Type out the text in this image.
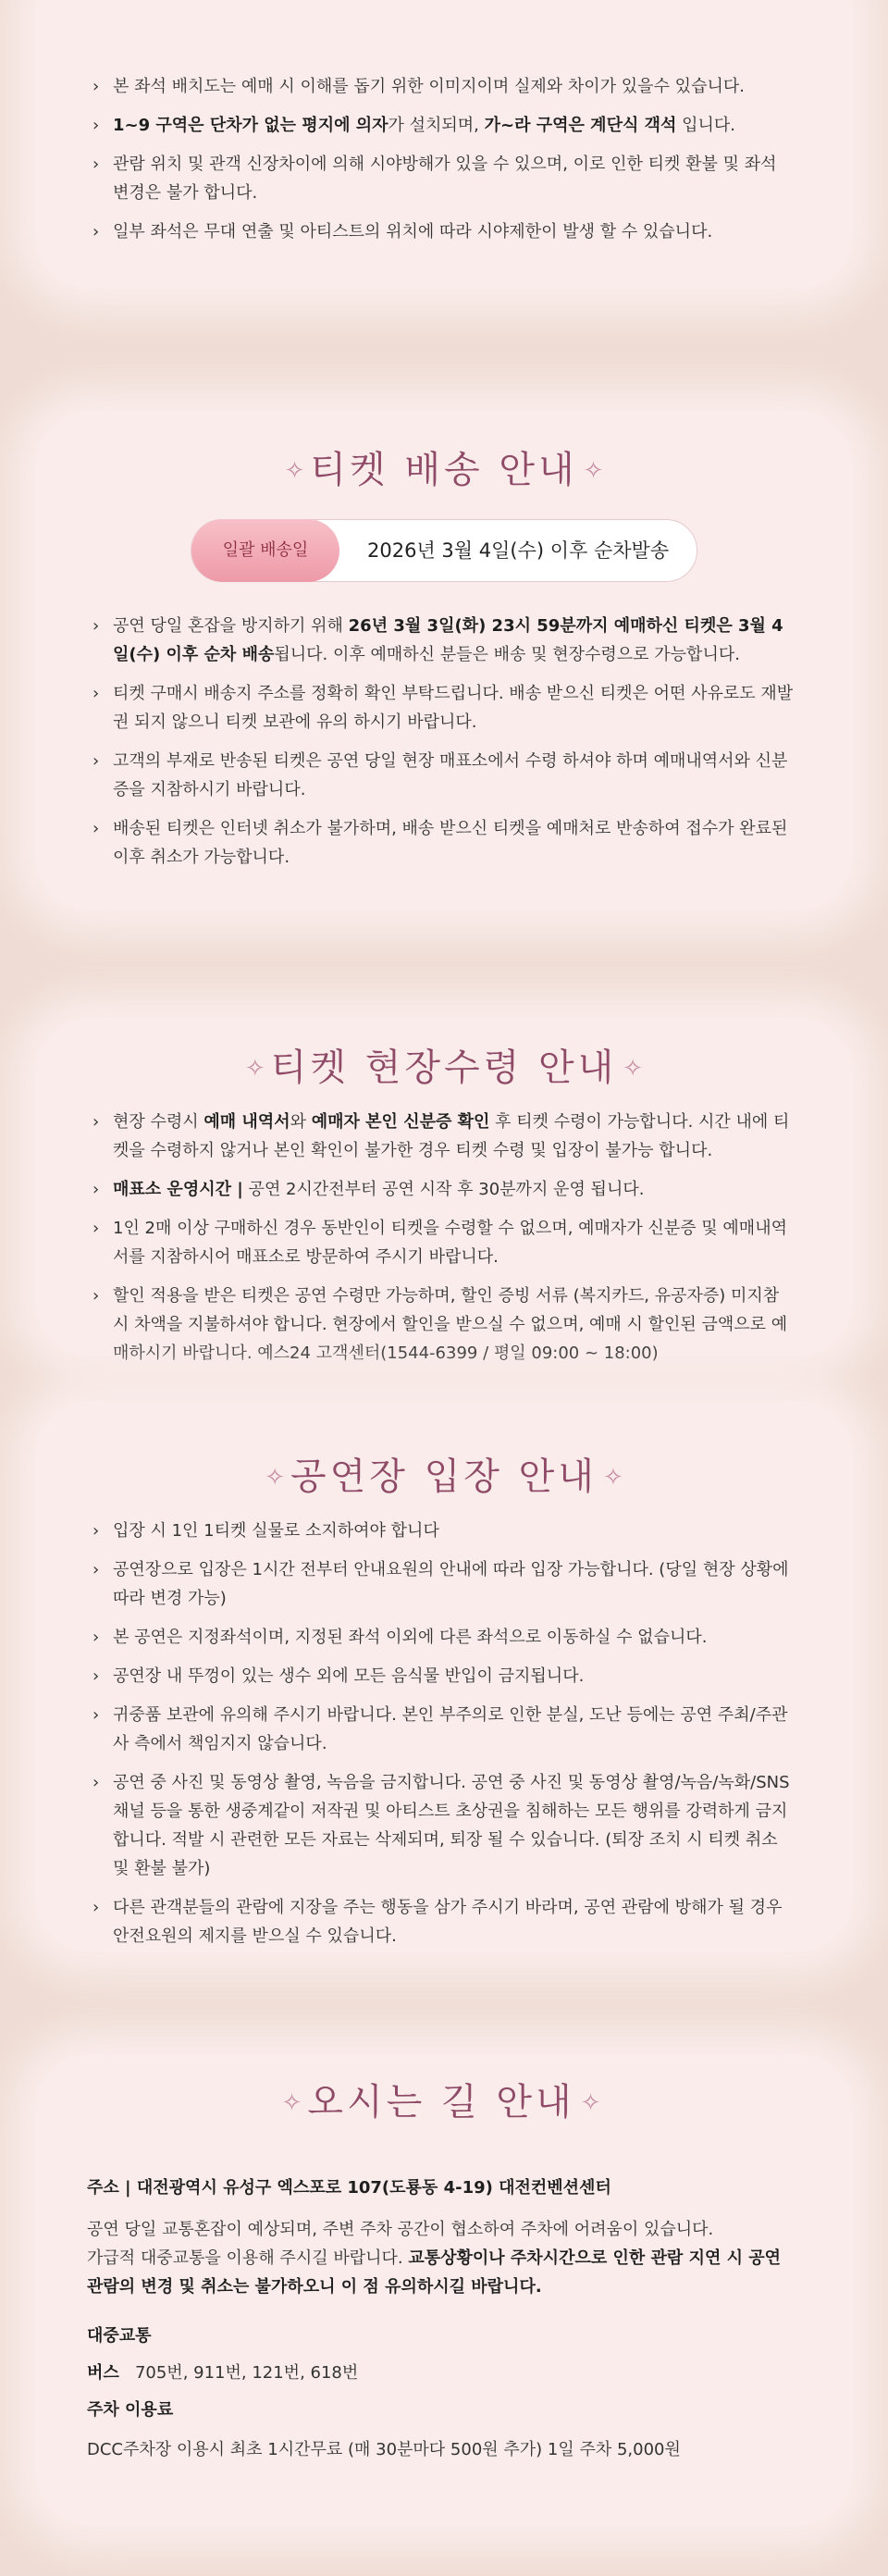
› 본 좌석 배치도는 예매 시 이해를 돕기 위한 이미지이며 실제와 차이가 있을수 있습니다.
› 1~9 구역은 단차가 없는 평지에 의자가 설치되며, 가~라 구역은 계단식 객석 입니다.
› 관람 위치 및 관객 신장차이에 의해 시야방해가 있을 수 있으며, 이로 인한 티켓 환불 및 좌석 변경은 불가 합니다.
› 일부 좌석은 무대 연출 및 아티스트의 위치에 따라 시야제한이 발생 할 수 있습니다.
✧ 티켓 배송 안내 ✧
일괄 배송일	2026년 3월 4일(수) 이후 순차발송
› 공연 당일 혼잡을 방지하기 위해 26년 3월 3일(화) 23시 59분까지 예매하신 티켓은 3월 4일(수) 이후 순차 배송됩니다. 이후 예매하신 분들은 배송 및 현장수령으로 가능합니다.
› 티켓 구매시 배송지 주소를 정확히 확인 부탁드립니다. 배송 받으신 티켓은 어떤 사유로도 재발권 되지 않으니 티켓 보관에 유의 하시기 바랍니다.
› 고객의 부재로 반송된 티켓은 공연 당일 현장 매표소에서 수령 하셔야 하며 예매내역서와 신분증을 지참하시기 바랍니다.
› 배송된 티켓은 인터넷 취소가 불가하며, 배송 받으신 티켓을 예매처로 반송하여 접수가 완료된 이후 취소가 가능합니다.
✧ 티켓 현장수령 안내 ✧
› 현장 수령시 예매 내역서와 예매자 본인 신분증 확인 후 티켓 수령이 가능합니다. 시간 내에 티켓을 수령하지 않거나 본인 확인이 불가한 경우 티켓 수령 및 입장이 불가능 합니다.
› 매표소 운영시간 | 공연 2시간전부터 공연 시작 후 30분까지 운영 됩니다.
› 1인 2매 이상 구매하신 경우 동반인이 티켓을 수령할 수 없으며, 예매자가 신분증 및 예매내역서를 지참하시어 매표소로 방문하여 주시기 바랍니다.
› 할인 적용을 받은 티켓은 공연 수령만 가능하며, 할인 증빙 서류 (복지카드, 유공자증) 미지참 시 차액을 지불하셔야 합니다. 현장에서 할인을 받으실 수 없으며, 예매 시 할인된 금액으로 예매하시기 바랍니다. 예스24 고객센터(1544-6399 / 평일 09:00 ~ 18:00)
✧ 공연장 입장 안내 ✧
› 입장 시 1인 1티켓 실물로 소지하여야 합니다
› 공연장으로 입장은 1시간 전부터 안내요원의 안내에 따라 입장 가능합니다. (당일 현장 상황에 따라 변경 가능)
› 본 공연은 지정좌석이며, 지정된 좌석 이외에 다른 좌석으로 이동하실 수 없습니다.
› 공연장 내 뚜껑이 있는 생수 외에 모든 음식물 반입이 금지됩니다.
› 귀중품 보관에 유의해 주시기 바랍니다. 본인 부주의로 인한 분실, 도난 등에는 공연 주최/주관사 측에서 책임지지 않습니다.
› 공연 중 사진 및 동영상 촬영, 녹음을 금지합니다. 공연 중 사진 및 동영상 촬영/녹음/녹화/SNS 채널 등을 통한 생중계같이 저작권 및 아티스트 초상권을 침해하는 모든 행위를 강력하게 금지합니다. 적발 시 관련한 모든 자료는 삭제되며, 퇴장 될 수 있습니다. (퇴장 조치 시 티켓 취소 및 환불 불가)
› 다른 관객분들의 관람에 지장을 주는 행동을 삼가 주시기 바라며, 공연 관람에 방해가 될 경우 안전요원의 제지를 받으실 수 있습니다.
✧ 오시는 길 안내 ✧

주소 | 대전광역시 유성구 엑스포로 107(도룡동 4-19) 대전컨벤션센터

공연 당일 교통혼잡이 예상되며, 주변 주차 공간이 협소하여 주차에 어려움이 있습니다.
가급적 대중교통을 이용해 주시길 바랍니다. 교통상황이나 주차시간으로 인한 관람 지연 시 공연 관람의 변경 및 취소는 불가하오니 이 점 유의하시길 바랍니다.

대중교통

버스 705번, 911번, 121번, 618번

주차 이용료

DCC주차장 이용시 최초 1시간무료 (매 30분마다 500원 추가) 1일 주차 5,000원
